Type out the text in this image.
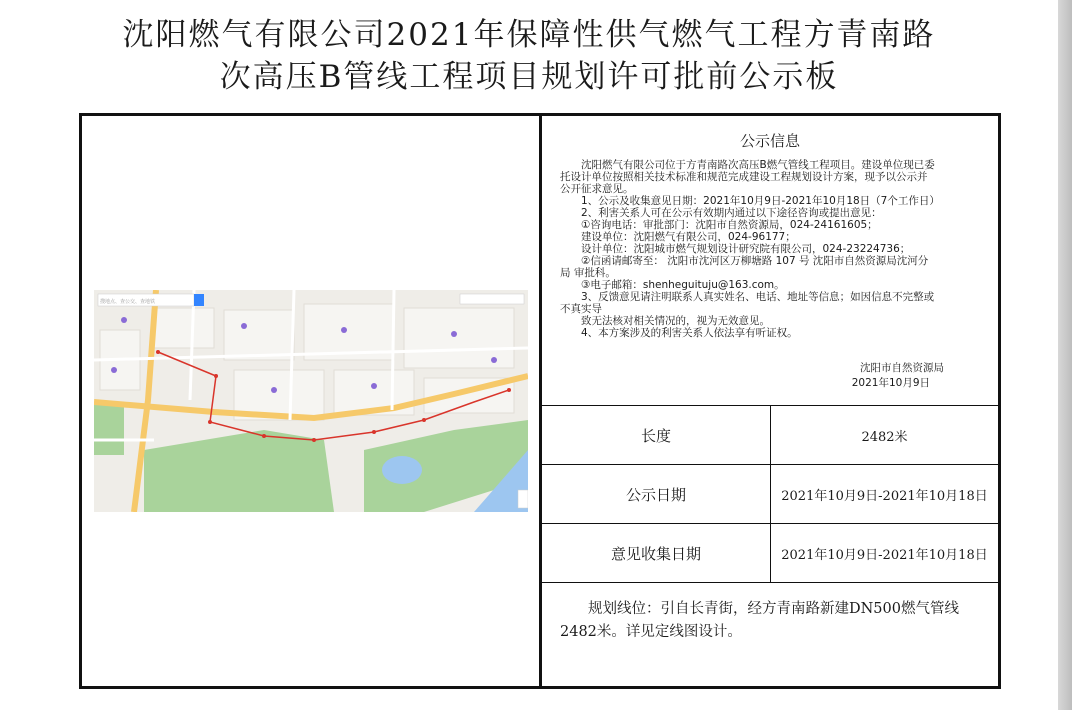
沈阳燃气有限公司2021年保障性供气燃气工程方青南路
次高压B管线工程项目规划许可批前公示板
搜地点、查公交、查地铁
公示信息

沈阳燃气有限公司位于方青南路次高压B燃气管线工程项目。建设单位现已委

托设计单位按照相关技术标准和规范完成建设工程规划设计方案，现予以公示并

公开征求意见。

1、公示及收集意见日期：2021年10月9日-2021年10月18日（7个工作日）

2、利害关系人可在公示有效期内通过以下途径咨询或提出意见：

①咨询电话：审批部门：沈阳市自然资源局，024-24161605；

建设单位：沈阳燃气有限公司，024-96177；

设计单位：沈阳城市燃气规划设计研究院有限公司，024-23224736；

②信函请邮寄至： 沈阳市沈河区万柳塘路 107 号 沈阳市自然资源局沈河分

局 审批科。

③电子邮箱：shenheguituju@163.com。

3、反馈意见请注明联系人真实姓名、电话、地址等信息；如因信息不完整或

不真实导

致无法核对相关情况的，视为无效意见。

4、本方案涉及的利害关系人依法享有听证权。

沈阳市自然资源局
2021年10月9日
长度	2482米
公示日期	2021年10月9日-2021年10月18日
意见收集日期	2021年10月9日-2021年10月18日
规划线位：引自长青街，经方青南路新建DN500燃气管线2482米。详见定线图设计。
